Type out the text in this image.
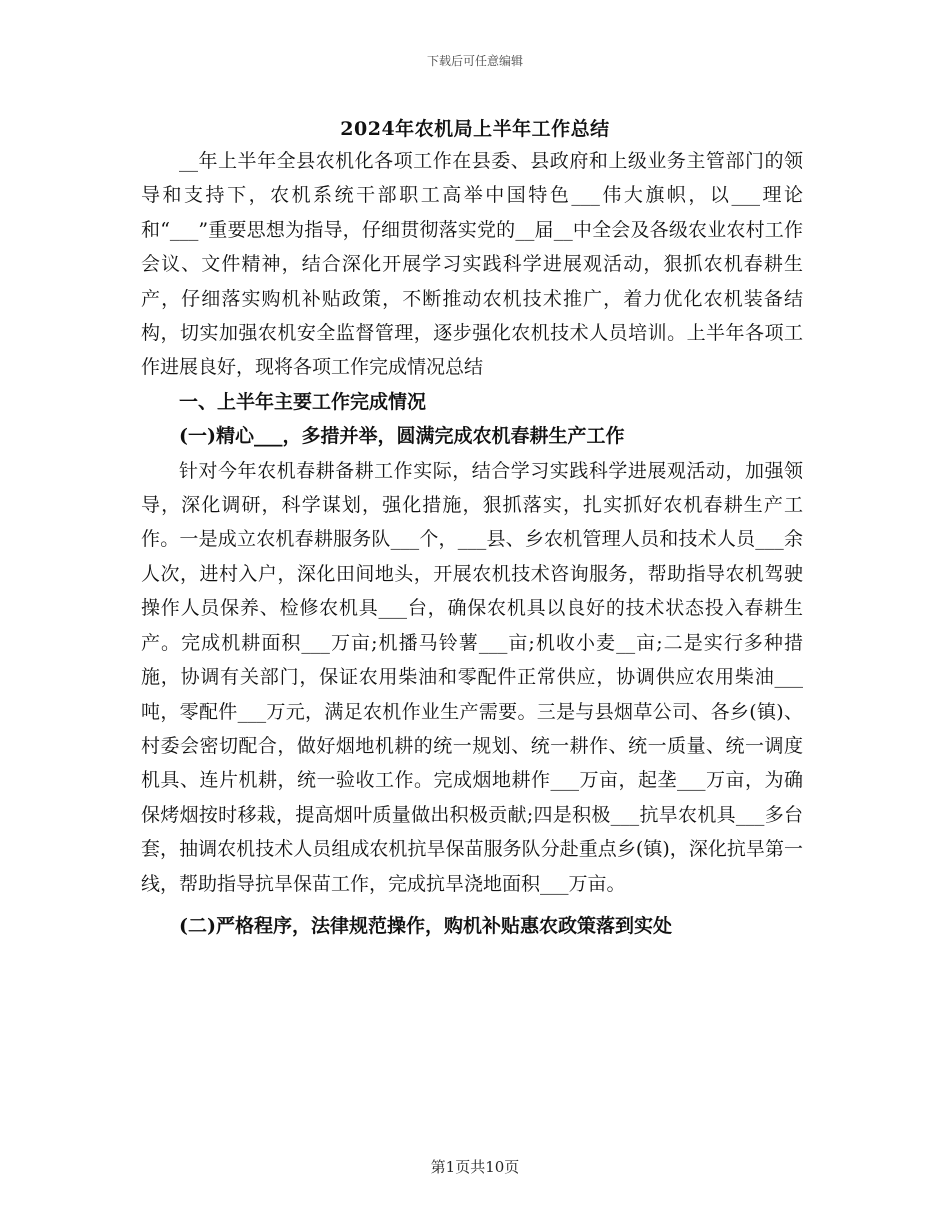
下载后可任意编辑
2024年农机局上半年工作总结

__年上半年全县农机化各项工作在县委、县政府和上级业务主管部门的领导和支持下，农机系统干部职工高举中国特色___伟大旗帜，以___理论和“___”重要思想为指导，仔细贯彻落实党的__届__中全会及各级农业农村工作会议、文件精神，结合深化开展学习实践科学进展观活动，狠抓农机春耕生产，仔细落实购机补贴政策，不断推动农机技术推广，着力优化农机装备结构，切实加强农机安全监督管理，逐步强化农机技术人员培训。上半年各项工作进展良好，现将各项工作完成情况总结

一、上半年主要工作完成情况

(一)精心___，多措并举，圆满完成农机春耕生产工作

针对今年农机春耕备耕工作实际，结合学习实践科学进展观活动，加强领导，深化调研，科学谋划，强化措施，狠抓落实，扎实抓好农机春耕生产工作。一是成立农机春耕服务队___个，___县、乡农机管理人员和技术人员___余人次，进村入户，深化田间地头，开展农机技术咨询服务，帮助指导农机驾驶操作人员保养、检修农机具___台，确保农机具以良好的技术状态投入春耕生产。完成机耕面积___万亩;机播马铃薯___亩;机收小麦__亩;二是实行多种措施，协调有关部门，保证农用柴油和零配件正常供应，协调供应农用柴油___吨，零配件___万元，满足农机作业生产需要。三是与县烟草公司、各乡(镇)、村委会密切配合，做好烟地机耕的统一规划、统一耕作、统一质量、统一调度机具、连片机耕，统一验收工作。完成烟地耕作___万亩，起垄___万亩，为确保烤烟按时移栽，提高烟叶质量做出积极贡献;四是积极___抗旱农机具___多台套，抽调农机技术人员组成农机抗旱保苗服务队分赴重点乡(镇)，深化抗旱第一线，帮助指导抗旱保苗工作，完成抗旱浇地面积___万亩。

(二)严格程序，法律规范操作，购机补贴惠农政策落到实处

第1页共10页
